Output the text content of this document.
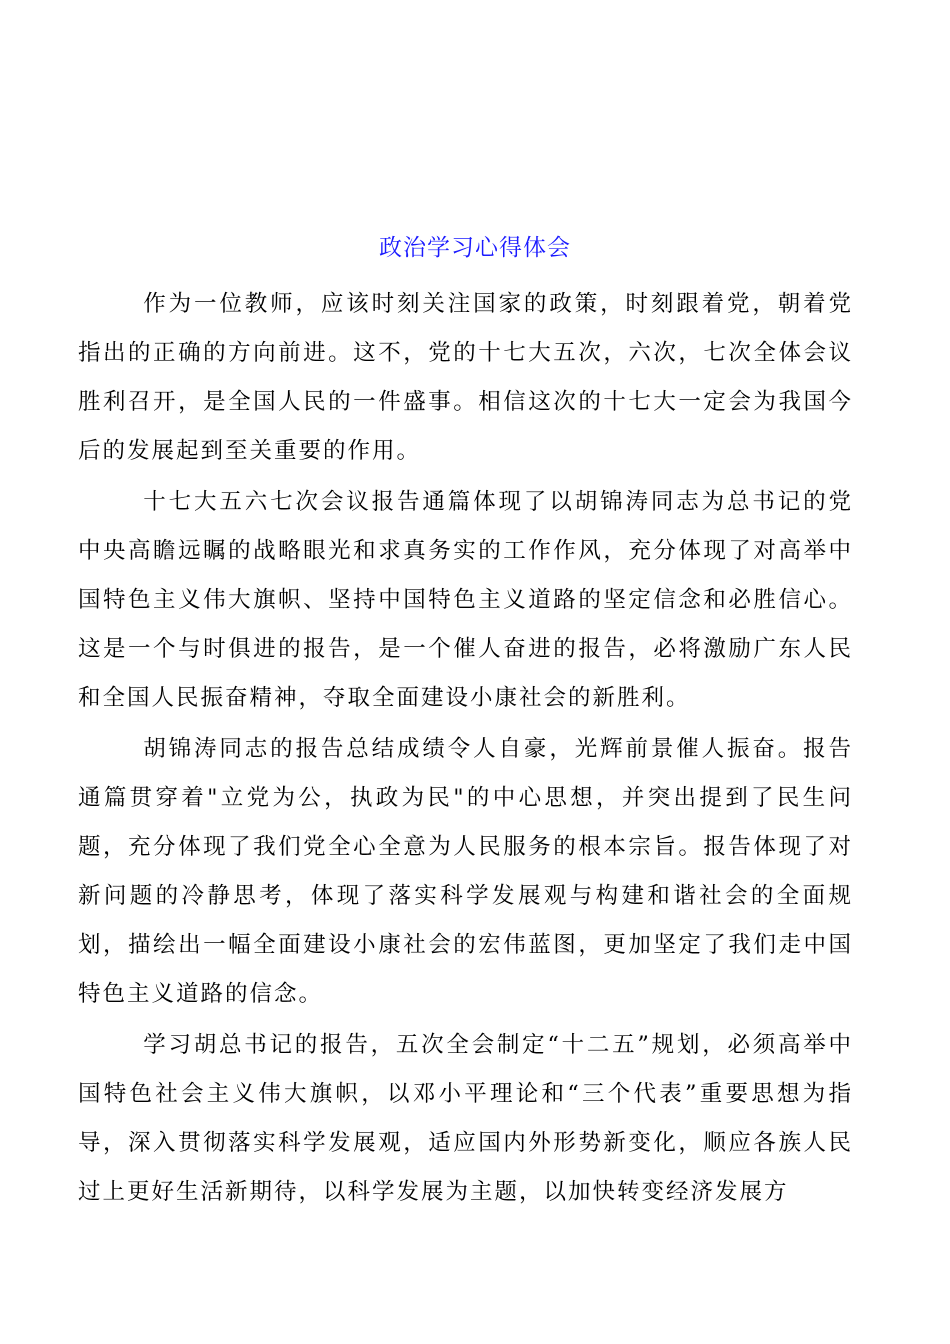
政治学习心得体会

作为一位教师，应该时刻关注国家的政策，时刻跟着党，朝着党指出的正确的方向前进。这不，党的十七大五次，六次，七次全体会议胜利召开，是全国人民的一件盛事。相信这次的十七大一定会为我国今后的发展起到至关重要的作用。

十七大五六七次会议报告通篇体现了以胡锦涛同志为总书记的党中央高瞻远瞩的战略眼光和求真务实的工作作风，充分体现了对高举中国特色主义伟大旗帜、坚持中国特色主义道路的坚定信念和必胜信心。这是一个与时俱进的报告，是一个催人奋进的报告，必将激励广东人民和全国人民振奋精神，夺取全面建设小康社会的新胜利。

胡锦涛同志的报告总结成绩令人自豪，光辉前景催人振奋。报告通篇贯穿着"立党为公，执政为民"的中心思想，并突出提到了民生问题，充分体现了我们党全心全意为人民服务的根本宗旨。报告体现了对新问题的冷静思考，体现了落实科学发展观与构建和谐社会的全面规划，描绘出一幅全面建设小康社会的宏伟蓝图，更加坚定了我们走中国特色主义道路的信念。

学习胡总书记的报告，五次全会制定“十二五”规划，必须高举中国特色社会主义伟大旗帜，以邓小平理论和“三个代表”重要思想为指导，深入贯彻落实科学发展观，适应国内外形势新变化，顺应各族人民过上更好生活新期待，以科学发展为主题，以加快转变经济发展方
